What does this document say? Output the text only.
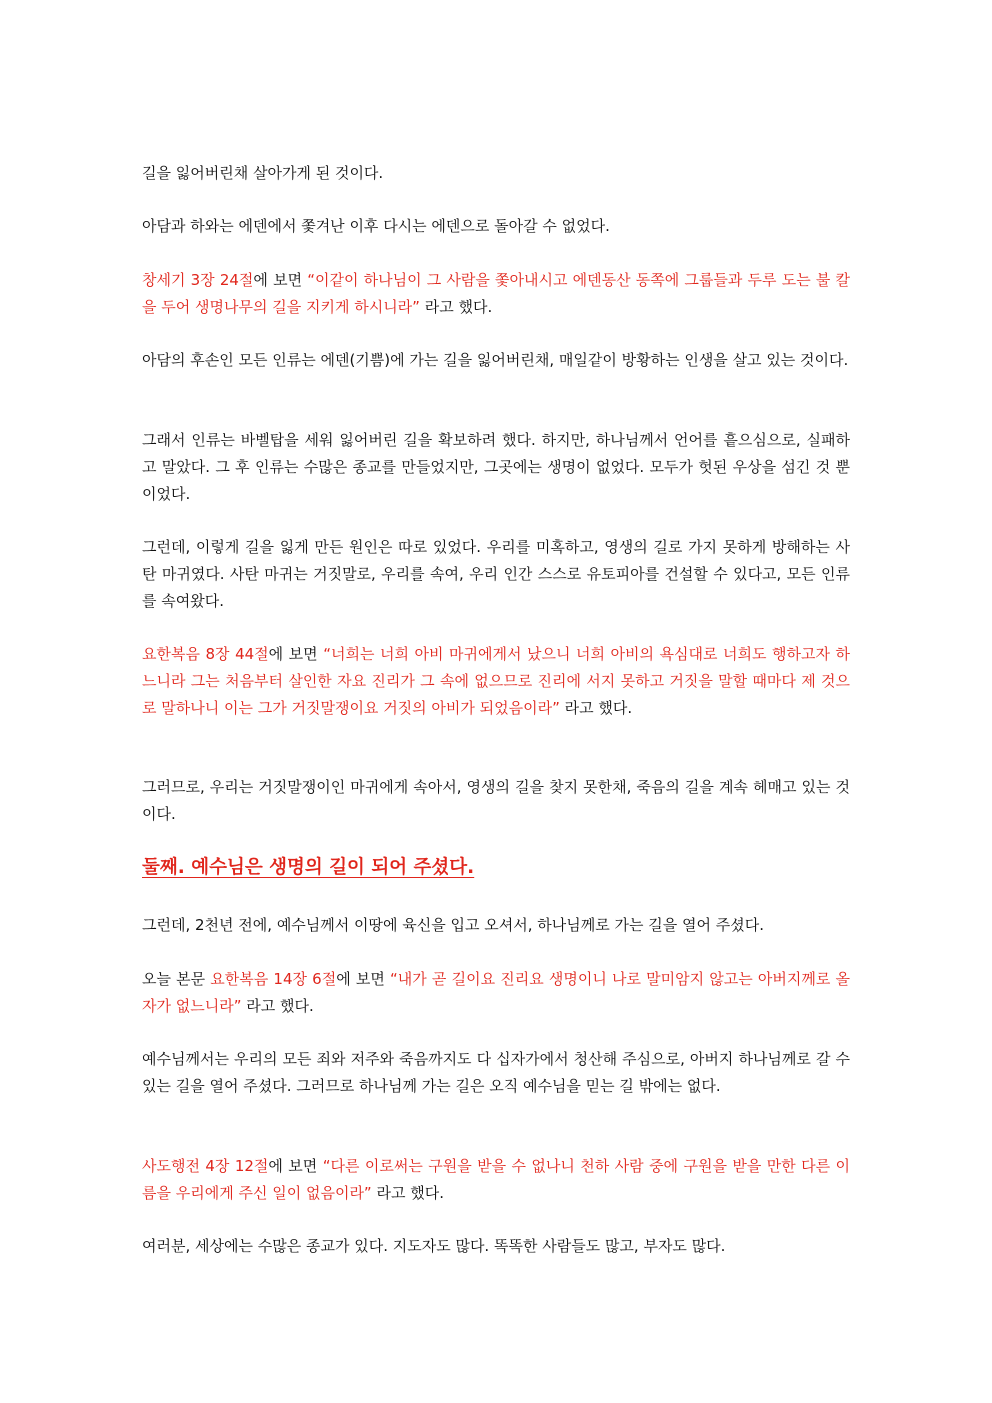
길을 잃어버린채 살아가게 된 것이다.

아담과 하와는 에덴에서 쫓겨난 이후 다시는 에덴으로 돌아갈 수 없었다.

창세기 3장 24절에 보면 “이같이 하나님이 그 사람을 쫓아내시고 에덴동산 동쪽에 그룹들과 두루 도는 불 칼을 두어 생명나무의 길을 지키게 하시니라” 라고 했다.

아담의 후손인 모든 인류는 에덴(기쁨)에 가는 길을 잃어버린채, 매일같이 방황하는 인생을 살고 있는 것이다.

그래서 인류는 바벨탑을 세워 잃어버린 길을 확보하려 했다. 하지만, 하나님께서 언어를 흩으심으로, 실패하고 말았다. 그 후 인류는 수많은 종교를 만들었지만, 그곳에는 생명이 없었다. 모두가 헛된 우상을 섬긴 것 뿐이었다.

그런데, 이렇게 길을 잃게 만든 원인은 따로 있었다. 우리를 미혹하고, 영생의 길로 가지 못하게 방해하는 사탄 마귀였다. 사탄 마귀는 거짓말로, 우리를 속여, 우리 인간 스스로 유토피아를 건설할 수 있다고, 모든 인류를 속여왔다.

요한복음 8장 44절에 보면 “너희는 너희 아비 마귀에게서 났으니 너희 아비의 욕심대로 너희도 행하고자 하느니라 그는 처음부터 살인한 자요 진리가 그 속에 없으므로 진리에 서지 못하고 거짓을 말할 때마다 제 것으로 말하나니 이는 그가 거짓말쟁이요 거짓의 아비가 되었음이라” 라고 했다.

그러므로, 우리는 거짓말쟁이인 마귀에게 속아서, 영생의 길을 찾지 못한채, 죽음의 길을 계속 헤매고 있는 것이다.

둘째. 예수님은 생명의 길이 되어 주셨다.

그런데, 2천년 전에, 예수님께서 이땅에 육신을 입고 오셔서, 하나님께로 가는 길을 열어 주셨다.

오늘 본문 요한복음 14장 6절에 보면 “내가 곧 길이요 진리요 생명이니 나로 말미암지 않고는 아버지께로 올 자가 없느니라” 라고 했다.

예수님께서는 우리의 모든 죄와 저주와 죽음까지도 다 십자가에서 청산해 주심으로, 아버지 하나님께로 갈 수 있는 길을 열어 주셨다. 그러므로 하나님께 가는 길은 오직 예수님을 믿는 길 밖에는 없다.

사도행전 4장 12절에 보면 “다른 이로써는 구원을 받을 수 없나니 천하 사람 중에 구원을 받을 만한 다른 이름을 우리에게 주신 일이 없음이라” 라고 했다.

여러분, 세상에는 수많은 종교가 있다. 지도자도 많다. 똑똑한 사람들도 많고, 부자도 많다.
